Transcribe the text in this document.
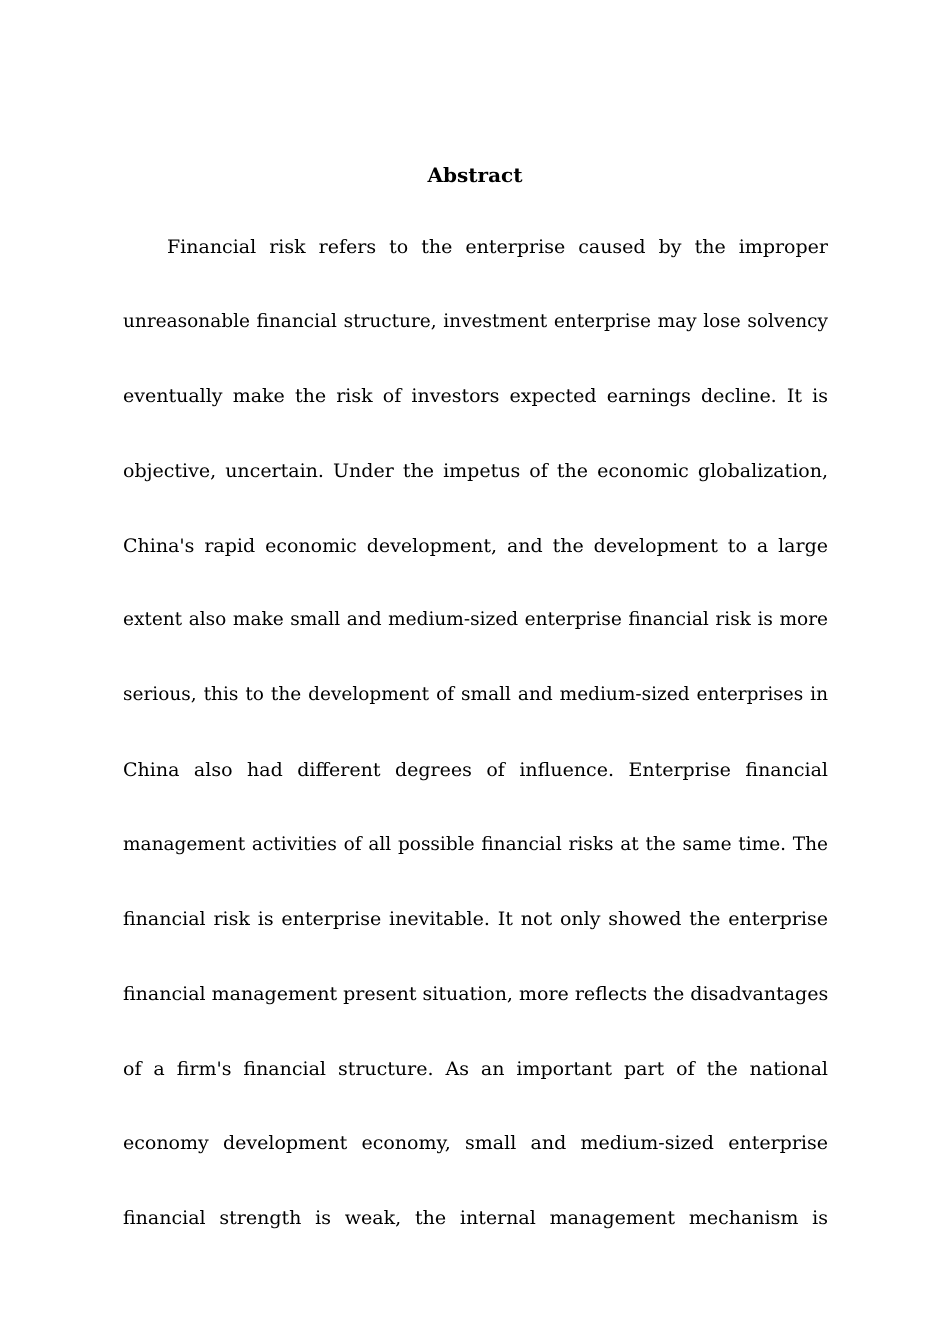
Abstract
Financial risk refers to the enterprise caused by the improper
unreasonable financial structure, investment enterprise may lose solvency
eventually make the risk of investors expected earnings decline. It is
objective, uncertain. Under the impetus of the economic globalization,
China's rapid economic development, and the development to a large
extent also make small and medium-sized enterprise financial risk is more
serious, this to the development of small and medium-sized enterprises in
China also had different degrees of influence. Enterprise financial
management activities of all possible financial risks at the same time. The
financial risk is enterprise inevitable. It not only showed the enterprise
financial management present situation, more reflects the disadvantages
of a firm's financial structure. As an important part of the national
economy development economy, small and medium-sized enterprise
financial strength is weak, the internal management mechanism is
